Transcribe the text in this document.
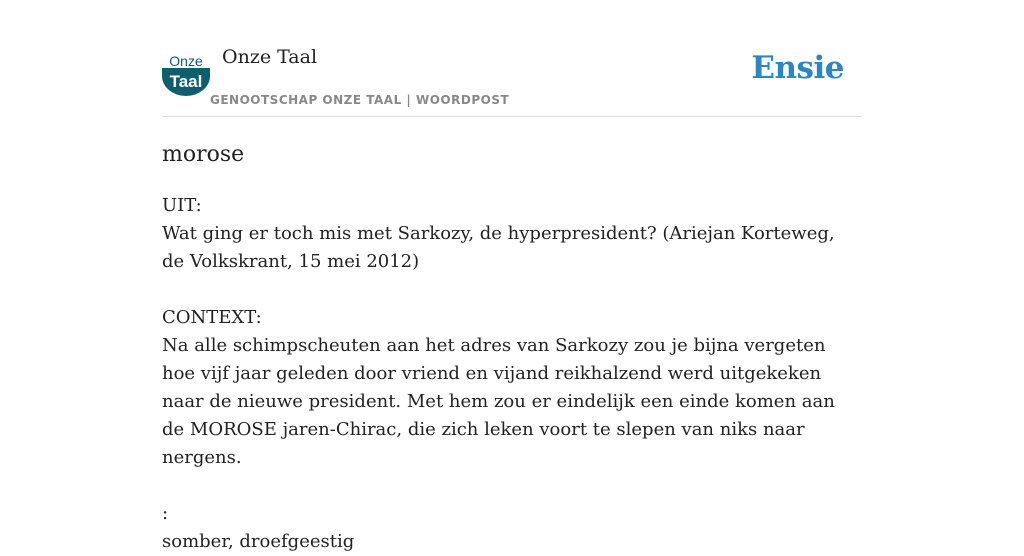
Onze
Taal
Onze Taal
GENOOTSCHAP ONZE TAAL | WOORDPOST
Ensie
morose

UIT:
Wat ging er toch mis met Sarkozy, de hyperpresident? (Ariejan Korteweg, de Volkskrant, 15 mei 2012)

CONTEXT:
Na alle schimpscheuten aan het adres van Sarkozy zou je bijna vergeten hoe vijf jaar geleden door vriend en vijand reikhalzend werd uitgekeken naar de nieuwe president. Met hem zou er eindelijk een einde komen aan de MOROSE jaren-Chirac, die zich leken voort te slepen van niks naar nergens.

:
somber, droefgeestig
